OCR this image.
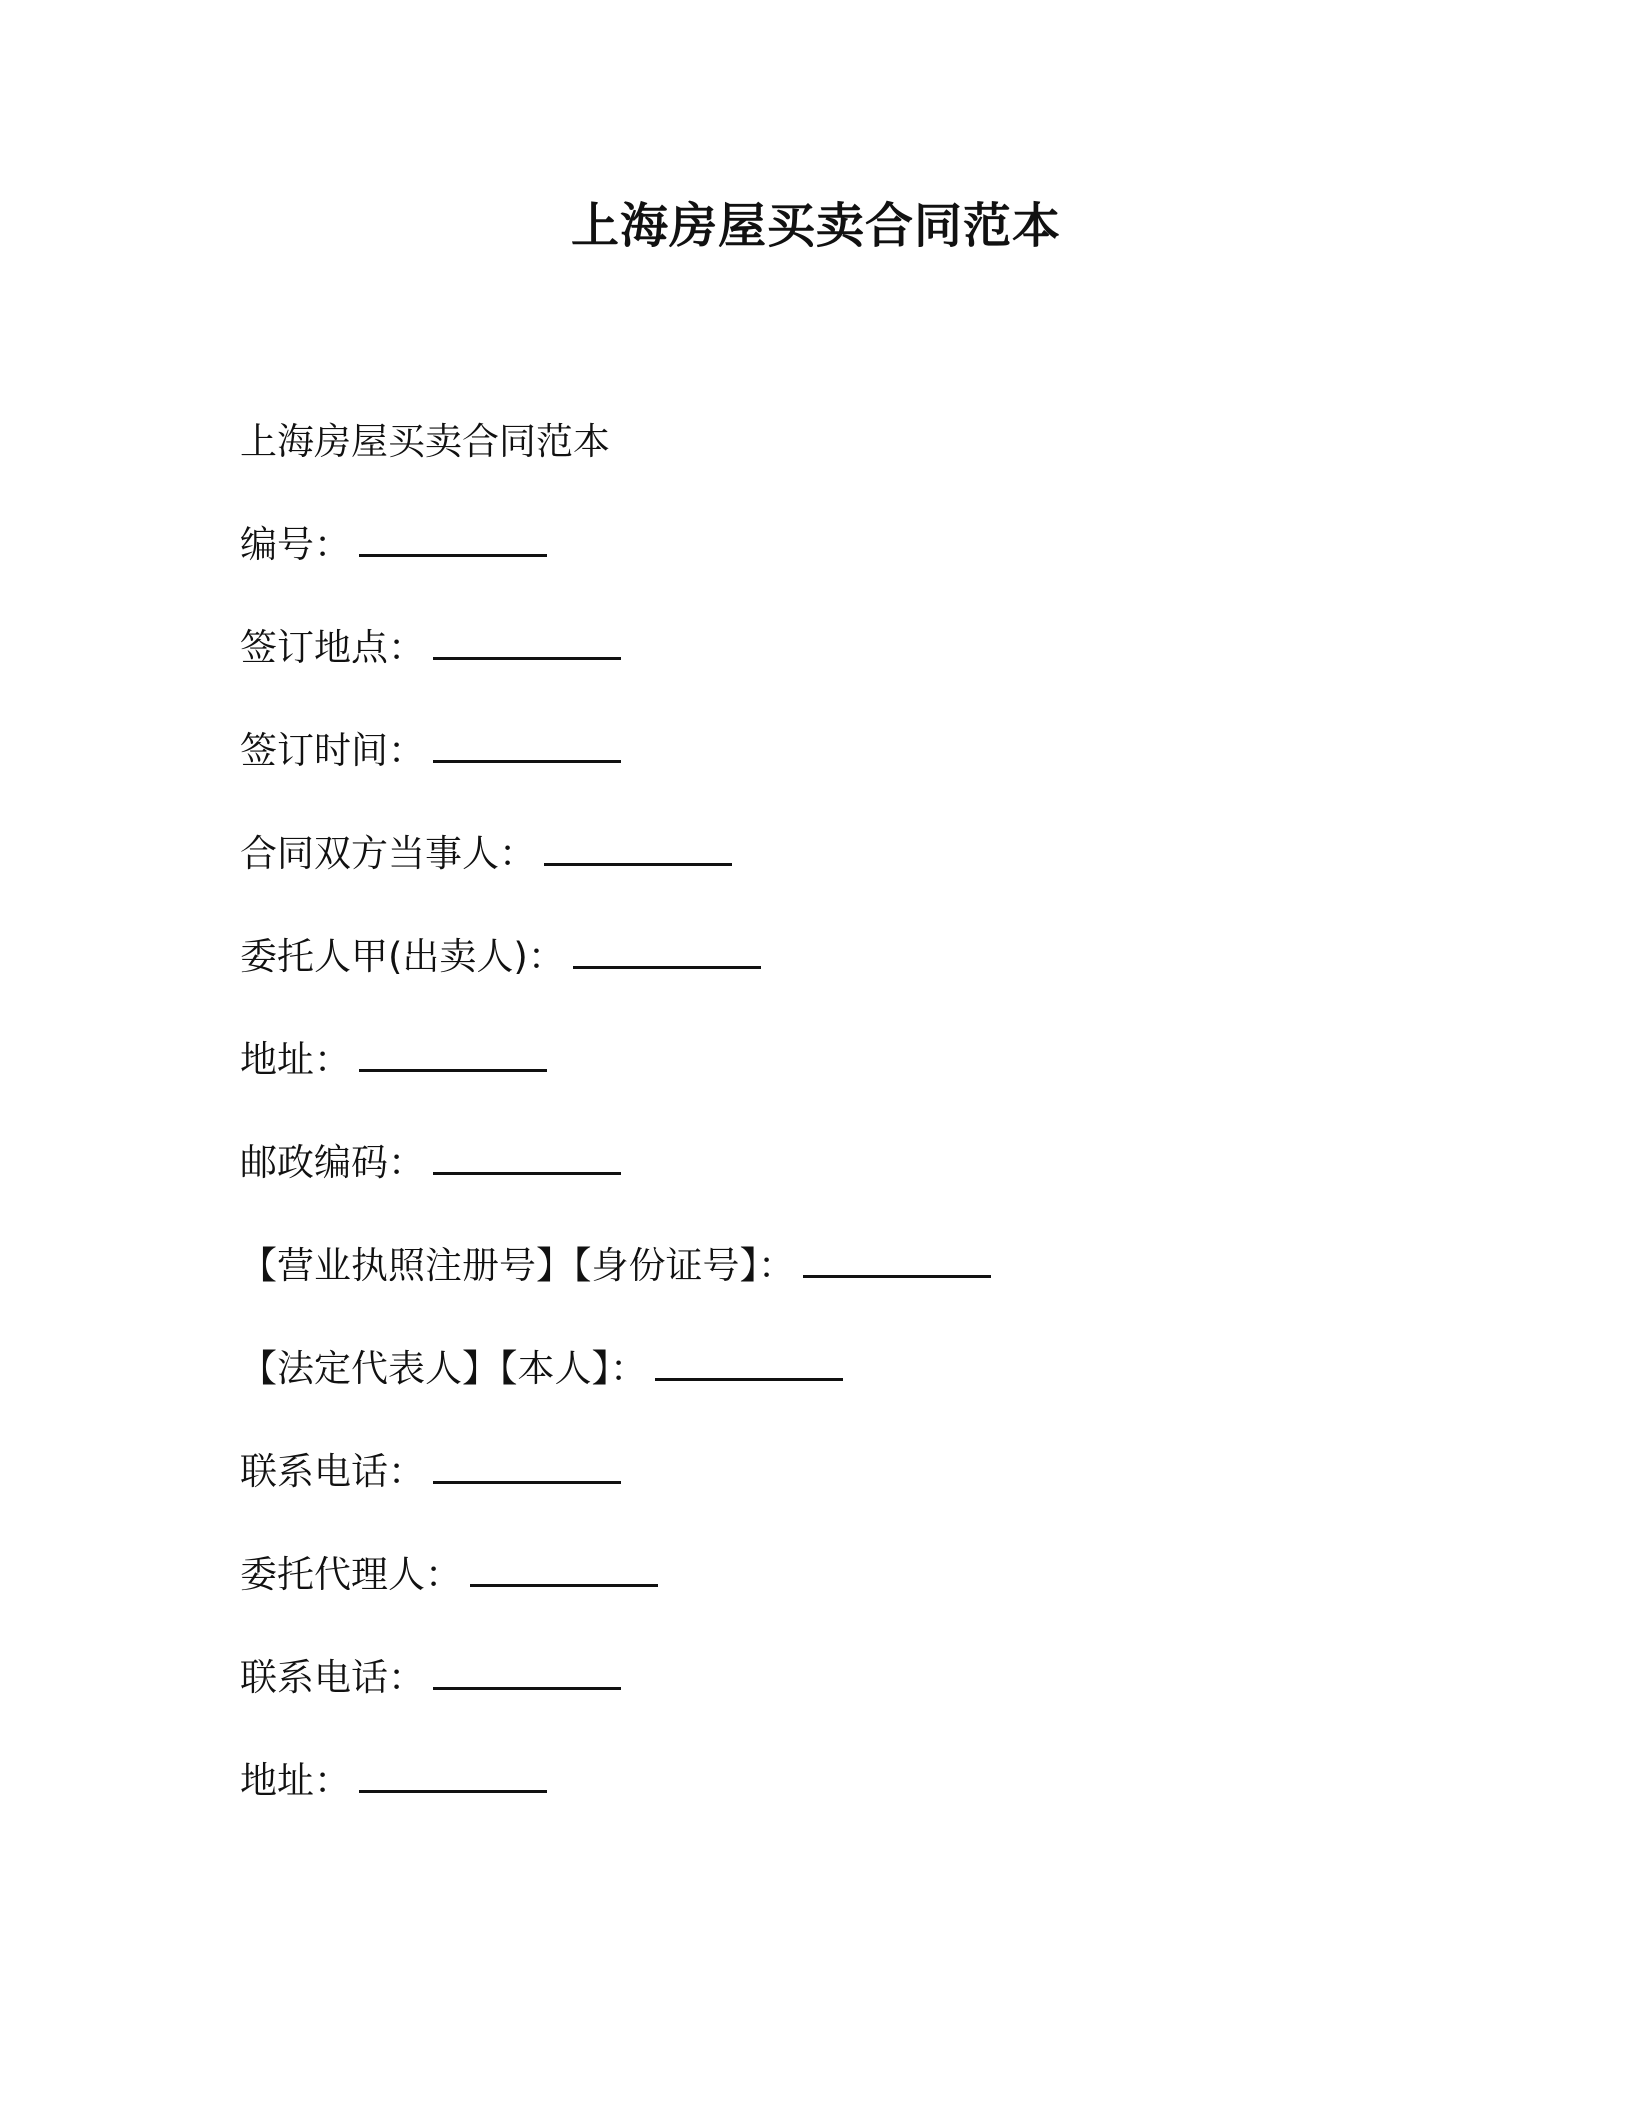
上海房屋买卖合同范本
上海房屋买卖合同范本
编号：
签订地点：
签订时间：
合同双方当事人：
委托人甲(出卖人)：
地址：
邮政编码：
【营业执照注册号】【身份证号】：
【法定代表人】【本人】：
联系电话：
委托代理人：
联系电话：
地址：
